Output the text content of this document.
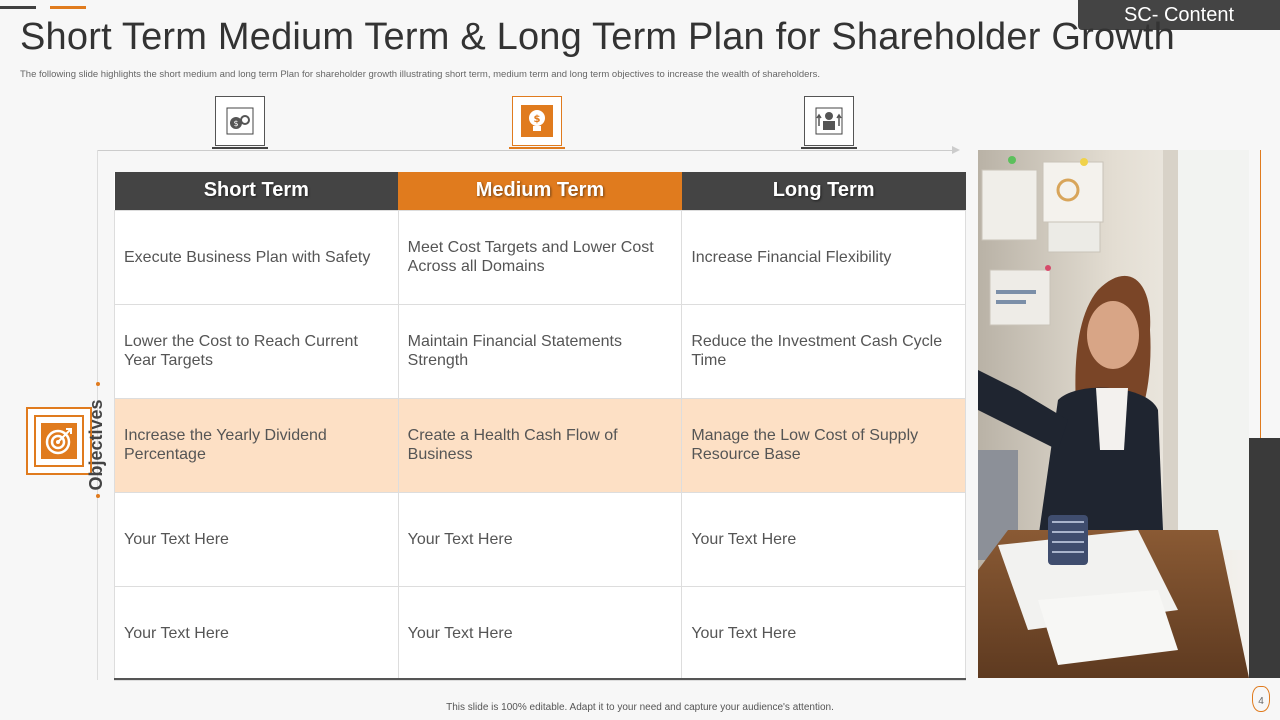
SC- Content
Short Term Medium Term & Long Term Plan for Shareholder Growth
The following slide highlights the short medium and long term Plan for shareholder growth illustrating short term, medium term and long term objectives to increase the wealth of shareholders.
$	$
Short Term	Medium Term	Long Term
Execute Business Plan with Safety	Meet Cost Targets and Lower Cost Across all Domains	Increase Financial Flexibility
Lower the Cost to Reach Current Year Targets	Maintain Financial Statements Strength	Reduce the Investment Cash Cycle Time
Increase the Yearly Dividend Percentage	Create a Health Cash Flow of Business	Manage the Low Cost of Supply Resource Base
Your Text Here	Your Text Here	Your Text Here
Your Text Here	Your Text Here	Your Text Here
Objectives
This slide is 100% editable. Adapt it to your need and capture your audience's attention.
4
